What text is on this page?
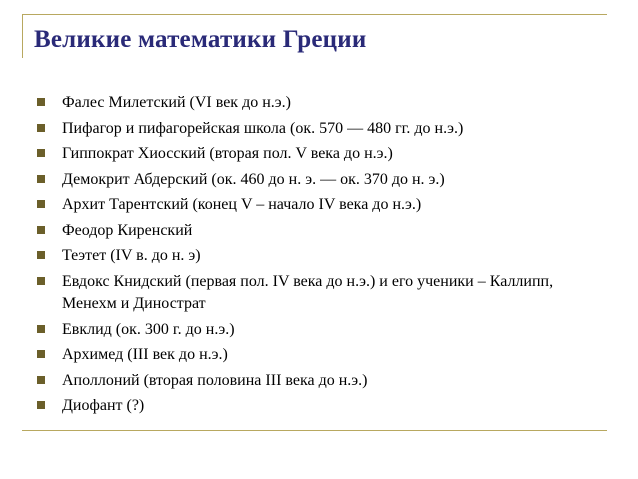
Великие математики Греции
Фалес Милетский (VI век до н.э.)
Пифагор и пифагорейская школа (ок. 570 — 480 гг. до н.э.)
Гиппократ Хиосский (вторая пол. V века до н.э.)
Демокрит Абдерский (ок. 460 до н. э. — ок. 370 до н. э.)
Архит Тарентский (конец V – начало IV века до н.э.)
Феодор Киренский
Теэтет (IV в. до н. э)
Евдокс Книдский (первая пол. IV века до н.э.) и его ученики – Каллипп, Менехм и Динострат
Евклид (ок. 300 г. до н.э.)
Архимед (III век до н.э.)
Аполлоний (вторая половина III века до н.э.)
Диофант (?)
